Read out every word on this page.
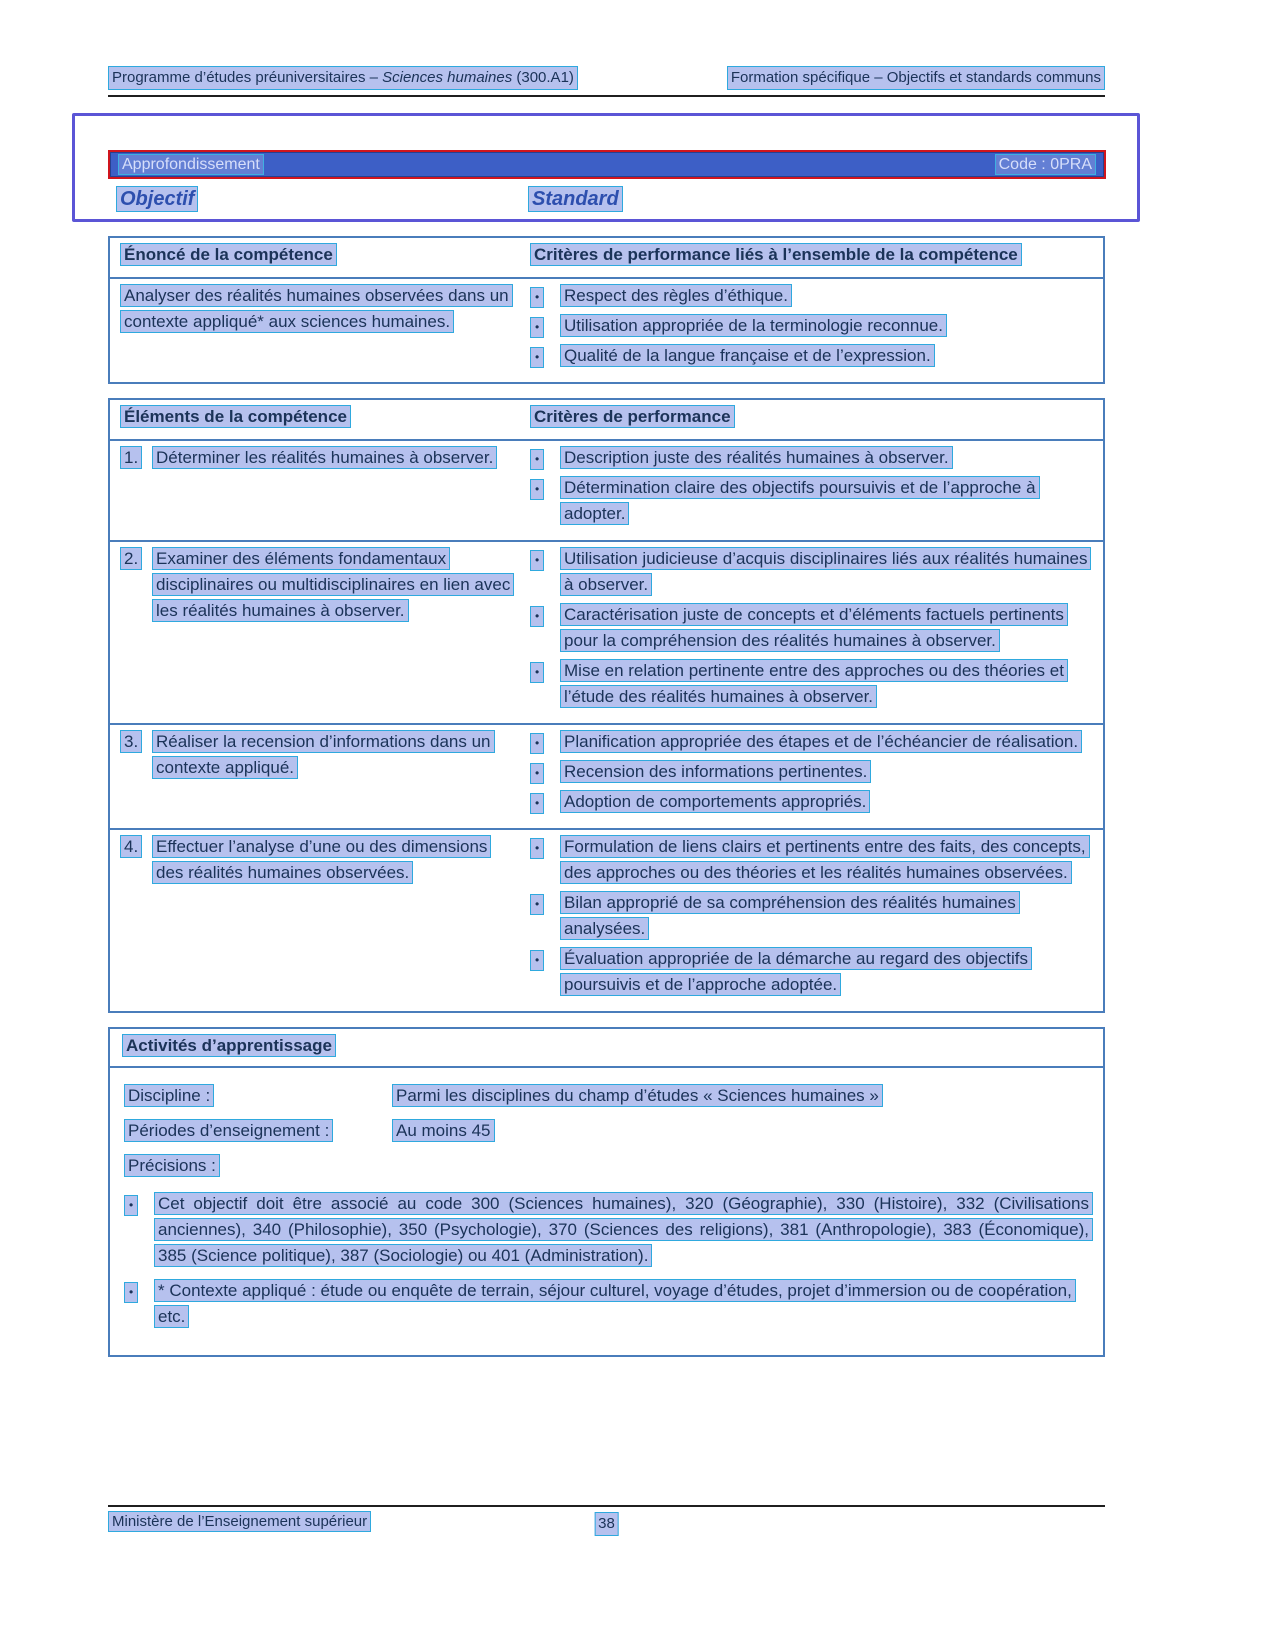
Programme d’études préuniversitaires – Sciences humaines (300.A1)	Formation spécifique – Objectifs et standards communs
Approfondissement	Code : 0PRA
Objectif	Standard
Énoncé de la compétence	Critères de performance liés à l’ensemble de la compétence
Analyser des réalités humaines observées dans un contexte appliqué* aux sciences humaines.
•	Respect des règles d’éthique.
•	Utilisation appropriée de la terminologie reconnue.
•	Qualité de la langue française et de l’expression.
Éléments de la compétence	Critères de performance
1.	Déterminer les réalités humaines à observer.	•	Description juste des réalités humaines à observer.
•	Détermination claire des objectifs poursuivis et de l’approche à adopter.
2.	Examiner des éléments fondamentaux disciplinaires ou multidisciplinaires en lien avec les réalités humaines à observer.
•	Utilisation judicieuse d’acquis disciplinaires liés aux réalités humaines à observer.
•	Caractérisation juste de concepts et d’éléments factuels pertinents pour la compréhension des réalités humaines à observer.
•	Mise en relation pertinente entre des approches ou des théories et l’étude des réalités humaines à observer.
3.	Réaliser la recension d’informations dans un contexte appliqué.
•	Planification appropriée des étapes et de l’échéancier de réalisation.
•	Recension des informations pertinentes.
•	Adoption de comportements appropriés.
4.	Effectuer l’analyse d’une ou des dimensions des réalités humaines observées.
•	Formulation de liens clairs et pertinents entre des faits, des concepts, des approches ou des théories et les réalités humaines observées.
•	Bilan approprié de sa compréhension des réalités humaines analysées.
•	Évaluation appropriée de la démarche au regard des objectifs poursuivis et de l’approche adoptée.
Activités d’apprentissage
Discipline :	Parmi les disciplines du champ d’études « Sciences humaines »
Périodes d’enseignement :	Au moins 45
Précisions :
•	Cet objectif doit être associé au code 300 (Sciences humaines), 320 (Géographie), 330 (Histoire), 332 (Civilisations anciennes), 340 (Philosophie), 350 (Psychologie), 370 (Sciences des religions), 381 (Anthropologie), 383 (Économique), 385 (Science politique), 387 (Sociologie) ou 401 (Administration).
•	* Contexte appliqué : étude ou enquête de terrain, séjour culturel, voyage d’études, projet d’immersion ou de coopération, etc.
Ministère de l’Enseignement supérieur	38
